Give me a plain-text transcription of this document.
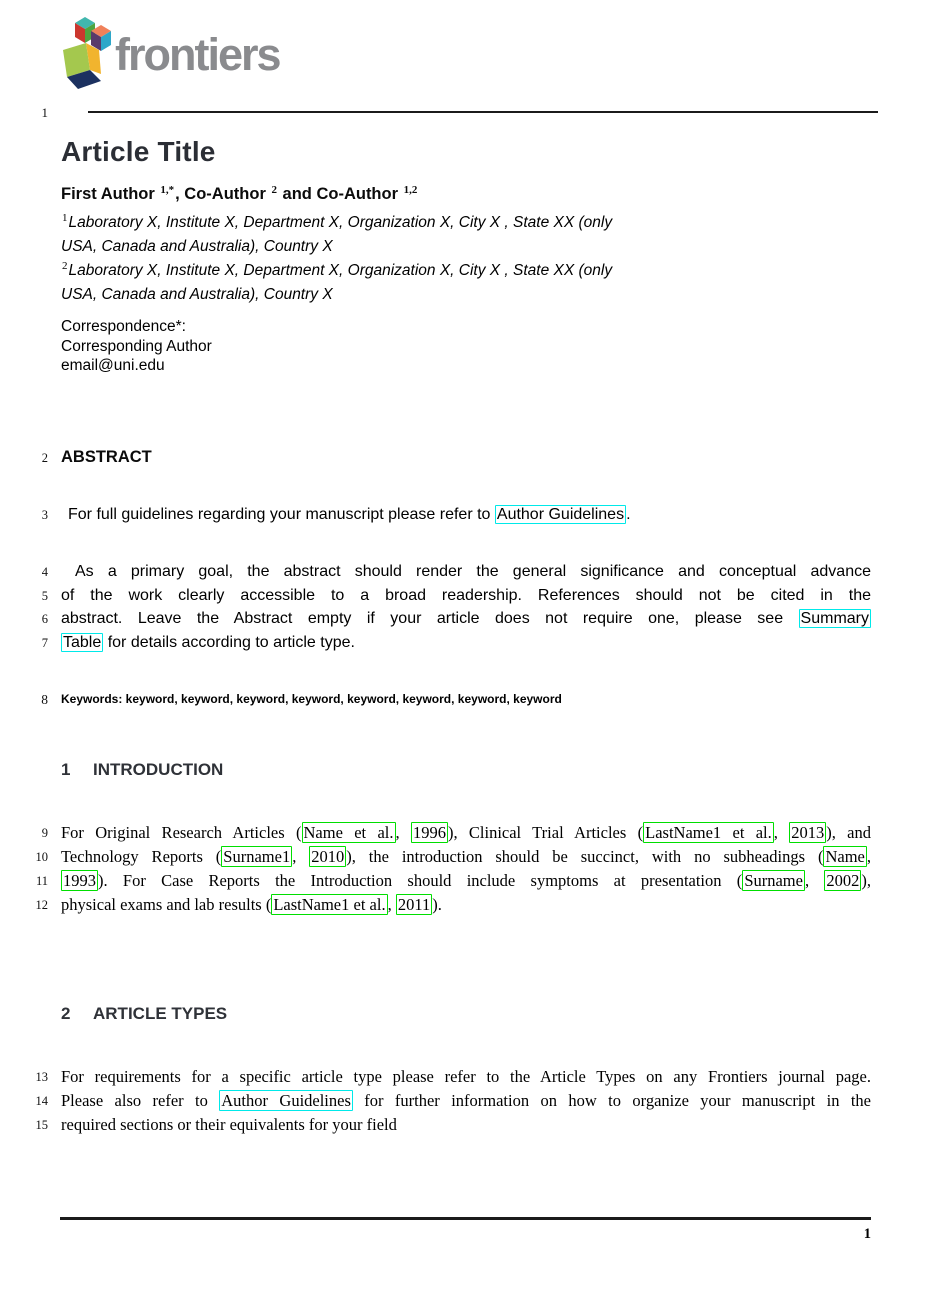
frontiers
1
Article Title
First Author $^{1,*}$, Co-Author $^2$ and Co-Author $^{1,2}$
$^1$Laboratory X, Institute X, Department X, Organization X, City X , State XX (only
USA, Canada and Australia), Country X
$^2$Laboratory X, Institute X, Department X, Organization X, City X , State XX (only
USA, Canada and Australia), Country X
Correspondence*:
Corresponding Author
email@uni.edu
2 ABSTRACT
3	For full guidelines regarding your manuscript please refer to Author Guidelines .
4	As a primary goal, the abstract should render the general significance and conceptual advance
5 of the work clearly accessible to a broad readership. References should not be cited in the
6 abstract. Leave the Abstract empty if your article does not require one, please see Summary
7 Table for details according to article type.
8 Keywords: keyword, keyword, keyword, keyword, keyword, keyword, keyword, keyword
1 INTRODUCTION
9 For Original Research Articles ( Name et al. , 1996 ), Clinical Trial Articles ( LastName1 et al. , 2013 ), and
10 Technology Reports ( Surname1 , 2010 ), the introduction should be succinct, with no subheadings ( Name ,
11 1993 ). For Case Reports the Introduction should include symptoms at presentation ( Surname , 2002 ),
12 physical exams and lab results ( LastName1 et al. , 2011 ).
2 ARTICLE TYPES
13 For requirements for a specific article type please refer to the Article Types on any Frontiers journal page.
14 Please also refer to Author Guidelines for further information on how to organize your manuscript in the
15 required sections or their equivalents for your field
1
